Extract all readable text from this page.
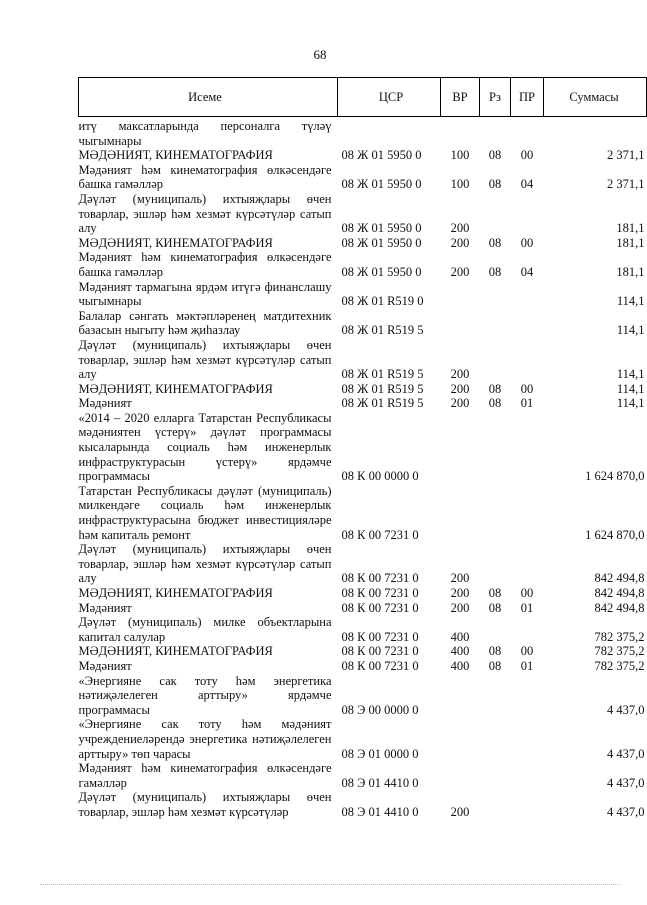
68
Исеме	ЦСР	ВР	Рз	ПР	Суммасы
итү максатларында персоналга түләү чыгымнары					
МӘДӘНИЯТ, КИНЕМАТОГРАФИЯ	08 Ж 01 5950 0	100	08	00	2 371,1
Мәдәният һәм кинематография өлкәсендәге башка гамәлләр	08 Ж 01 5950 0	100	08	04	2 371,1
Дәүләт (муниципаль) ихтыяҗлары өчен товарлар, эшләр һәм хезмәт күрсәтүләр сатып алу	08 Ж 01 5950 0	200			181,1
МӘДӘНИЯТ, КИНЕМАТОГРАФИЯ	08 Ж 01 5950 0	200	08	00	181,1
Мәдәният һәм кинематография өлкәсендәге башка гамәлләр	08 Ж 01 5950 0	200	08	04	181,1
Мәдәният тармагына ярдәм итүгә финанслашу чыгымнары	08 Ж 01 R519 0				114,1
Балалар сәнгать мәктәпләренең матдитехник базасын ныгыту һәм җиһазлау	08 Ж 01 R519 5				114,1
Дәүләт (муниципаль) ихтыяҗлары өчен товарлар, эшләр һәм хезмәт күрсәтүләр сатып алу	08 Ж 01 R519 5	200			114,1
МӘДӘНИЯТ, КИНЕМАТОГРАФИЯ	08 Ж 01 R519 5	200	08	00	114,1
Мәдәният	08 Ж 01 R519 5	200	08	01	114,1
«2014 – 2020 елларга Татарстан Республикасы мәдәниятен үстерү» дәүләт программасы кысаларында социаль һәм инженерлык инфраструктурасын үстерү» ярдәмче программасы	08 К 00 0000 0				1 624 870,0
Татарстан Республикасы дәүләт (муниципаль) милкендәге социаль һәм инженерлык инфраструктурасына бюджет инвестицияләре һәм капиталь ремонт	08 К 00 7231 0				1 624 870,0
Дәүләт (муниципаль) ихтыяҗлары өчен товарлар, эшләр һәм хезмәт күрсәтүләр сатып алу	08 К 00 7231 0	200			842 494,8
МӘДӘНИЯТ, КИНЕМАТОГРАФИЯ	08 К 00 7231 0	200	08	00	842 494,8
Мәдәният	08 К 00 7231 0	200	08	01	842 494,8
Дәүләт (муниципаль) милке объектларына капитал салулар	08 К 00 7231 0	400			782 375,2
МӘДӘНИЯТ, КИНЕМАТОГРАФИЯ	08 К 00 7231 0	400	08	00	782 375,2
Мәдәният	08 К 00 7231 0	400	08	01	782 375,2
«Энергияне сак тоту һәм энергетика нәтиҗәлелеген арттыру» ярдәмче программасы	08 Э 00 0000 0				4 437,0
«Энергияне сак тоту һәм мәдәният учреждениеләрендә энергетика нәтиҗәлелеген арттыру» төп чарасы	08 Э 01 0000 0				4 437,0
Мәдәният һәм кинематография өлкәсендәге гамәлләр	08 Э 01 4410 0				4 437,0
Дәүләт (муниципаль) ихтыяҗлары өчен товарлар, эшләр һәм хезмәт күрсәтүләр	08 Э 01 4410 0	200			4 437,0
